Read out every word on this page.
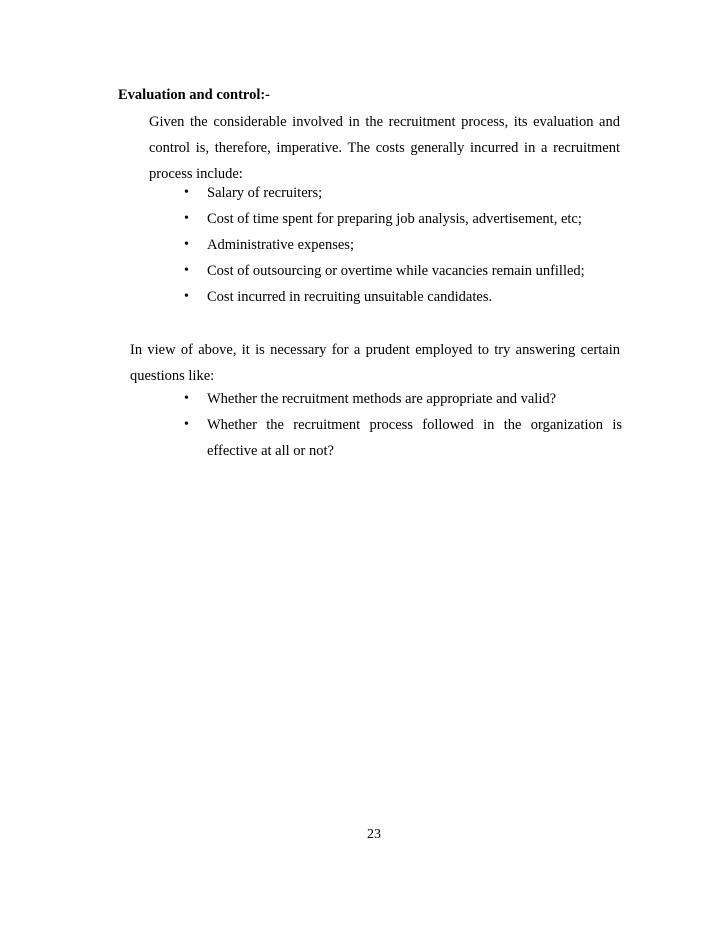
Evaluation and control:-
Given the considerable involved in the recruitment process, its evaluation and control is, therefore, imperative. The costs generally incurred in a recruitment process include:
• Salary of recruiters;
• Cost of time spent for preparing job analysis, advertisement, etc;
• Administrative expenses;
• Cost of outsourcing or overtime while vacancies remain unfilled;
• Cost incurred in recruiting unsuitable candidates.
In view of above, it is necessary for a prudent employed to try answering certain questions like:
• Whether the recruitment methods are appropriate and valid?
• Whether the recruitment process followed in the organization is effective at all or not?
23
